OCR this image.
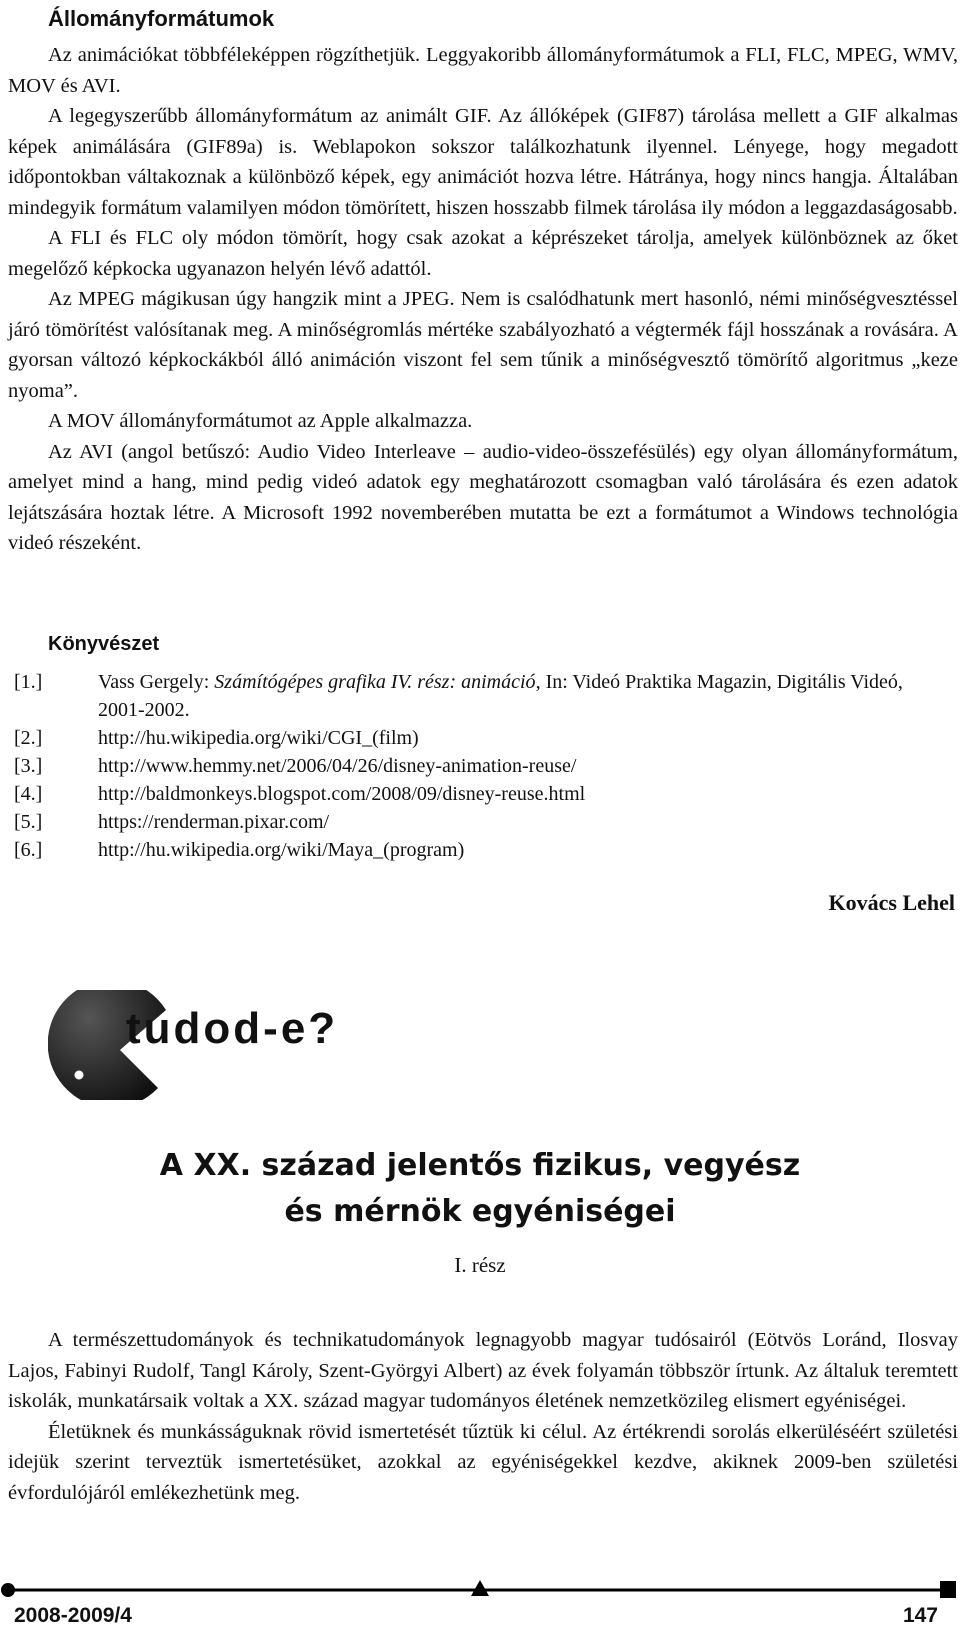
Állományformátumok

Az animációkat többféleképpen rögzíthetjük. Leggyakoribb állományformátumok a FLI, FLC, MPEG, WMV, MOV és AVI.

A legegyszerűbb állományformátum az animált GIF. Az állóképek (GIF87) tárolása mellett a GIF alkalmas képek animálására (GIF89a) is. Weblapokon sokszor találkozhatunk ilyennel. Lényege, hogy megadott időpontokban váltakoznak a különböző képek, egy animációt hozva létre. Hátránya, hogy nincs hangja. Általában mindegyik formátum valamilyen módon tömörített, hiszen hosszabb filmek tárolása ily módon a leggazdaságosabb.

A FLI és FLC oly módon tömörít, hogy csak azokat a képrészeket tárolja, amelyek különböznek az őket megelőző képkocka ugyanazon helyén lévő adattól.

Az MPEG mágikusan úgy hangzik mint a JPEG. Nem is csalódhatunk mert hasonló, némi minőségvesztéssel járó tömörítést valósítanak meg. A minőségromlás mértéke szabályozható a végtermék fájl hosszának a rovására. A gyorsan változó képkockákból álló animáción viszont fel sem tűnik a minőségvesztő tömörítő algoritmus „keze nyoma”.

A MOV állományformátumot az Apple alkalmazza.

Az AVI (angol betűszó: Audio Video Interleave – audio-video-összefésülés) egy olyan állományformátum, amelyet mind a hang, mind pedig videó adatok egy meghatározott csomagban való tárolására és ezen adatok lejátszására hoztak létre. A Microsoft 1992 novemberében mutatta be ezt a formátumot a Windows technológia videó részeként.

Könyvészet
[1.]	Vass Gergely: Számítógépes grafika IV. rész: animáció, In: Videó Praktika Magazin, Digitális Videó, 2001-2002.
[2.]	http://hu.wikipedia.org/wiki/CGI_(film)
[3.]	http://www.hemmy.net/2006/04/26/disney-animation-reuse/
[4.]	http://baldmonkeys.blogspot.com/2008/09/disney-reuse.html
[5.]	https://renderman.pixar.com/
[6.]	http://hu.wikipedia.org/wiki/Maya_(program)
Kovács Lehel
tudod-e?
A XX. század jelentős fizikus, vegyész
és mérnök egyéniségei
I. rész

A természettudományok és technikatudományok legnagyobb magyar tudósairól (Eötvös Loránd, Ilosvay Lajos, Fabinyi Rudolf, Tangl Károly, Szent-Györgyi Albert) az évek folyamán többször írtunk. Az általuk teremtett iskolák, munkatársaik voltak a XX. század magyar tudományos életének nemzetközileg elismert egyéniségei.

Életüknek és munkásságuknak rövid ismertetését tűztük ki célul. Az értékrendi sorolás elkerüléséért születési idejük szerint terveztük ismertetésüket, azokkal az egyéniségekkel kezdve, akiknek 2009-ben születési évfordulójáról emlékezhetünk meg.

2008-2009/4	147
